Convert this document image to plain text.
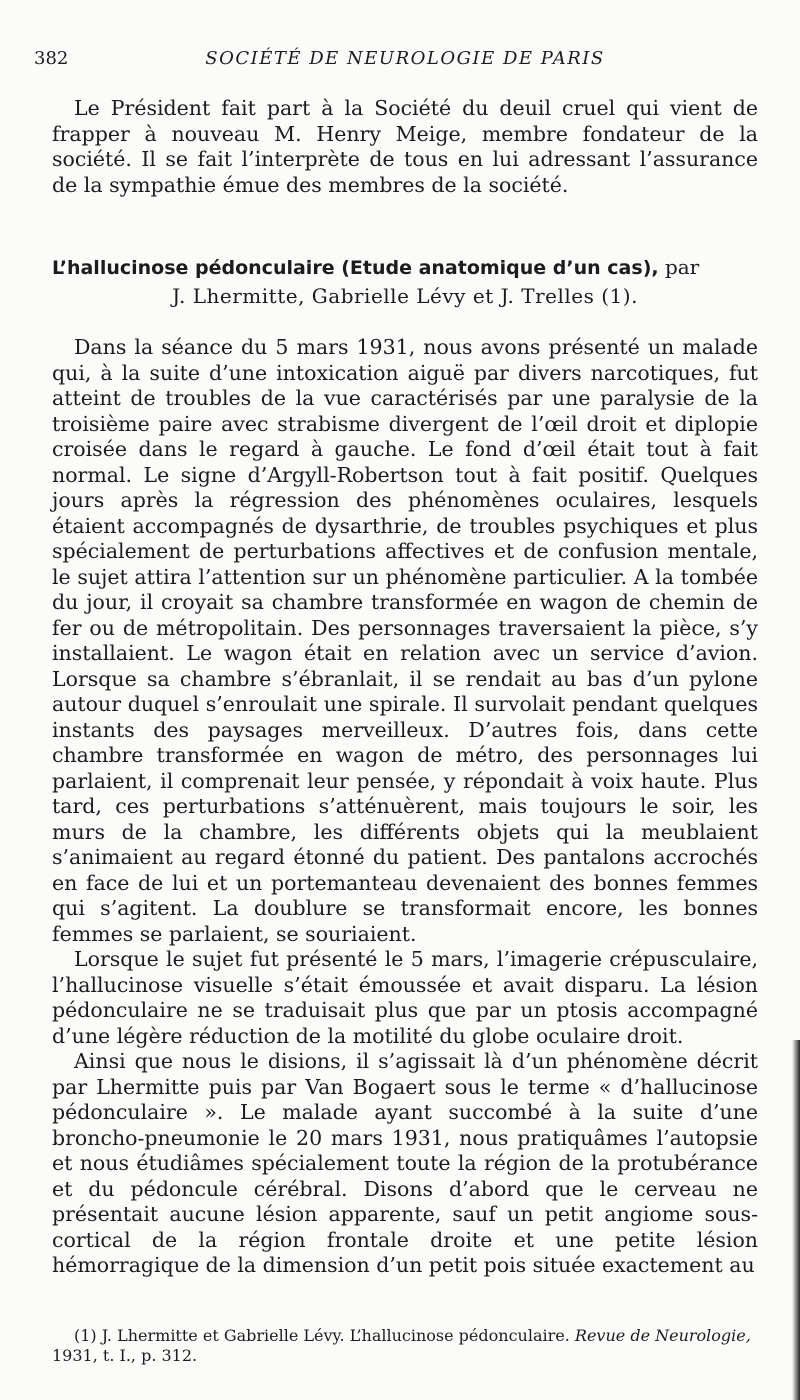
382	SOCIÉTÉ DE NEUROLOGIE DE PARIS

Le Président fait part à la Société du deuil cruel qui vient de frapper à nouveau M. Henry Meige, membre fondateur de la société. Il se fait l’interprète de tous en lui adressant l’assurance de la sympathie émue des membres de la société.

L’hallucinose pédonculaire (Etude anatomique d’un cas), par
J. Lhermitte, Gabrielle Lévy et J. Trelles (1).

Dans la séance du 5 mars 1931, nous avons présenté un malade qui, à la suite d’une intoxication aiguë par divers narcotiques, fut atteint de troubles de la vue caractérisés par une paralysie de la troisième paire avec strabisme divergent de l’œil droit et diplopie croisée dans le regard à gauche. Le fond d’œil était tout à fait normal. Le signe d’Argyll-Robertson tout à fait positif. Quelques jours après la régression des phénomènes oculaires, lesquels étaient accompagnés de dysarthrie, de troubles psychiques et plus spécialement de perturbations affectives et de confusion mentale, le sujet attira l’attention sur un phénomène particulier. A la tombée du jour, il croyait sa chambre transformée en wagon de chemin de fer ou de métropolitain. Des personnages traversaient la pièce, s’y installaient. Le wagon était en relation avec un service d’avion. Lorsque sa chambre s’ébranlait, il se rendait au bas d’un pylone autour duquel s’enroulait une spirale. Il survolait pendant quelques instants des paysages merveilleux. D’autres fois, dans cette chambre transformée en wagon de métro, des personnages lui parlaient, il comprenait leur pensée, y répondait à voix haute. Plus tard, ces perturbations s’atténuèrent, mais toujours le soir, les murs de la chambre, les différents objets qui la meublaient s’animaient au regard étonné du patient. Des pantalons accrochés en face de lui et un portemanteau devenaient des bonnes femmes qui s’agitent. La doublure se transformait encore, les bonnes femmes se parlaient, se souriaient.

Lorsque le sujet fut présenté le 5 mars, l’imagerie crépusculaire, l’hallucinose visuelle s’était émoussée et avait disparu. La lésion pédonculaire ne se traduisait plus que par un ptosis accompagné d’une légère réduction de la motilité du globe oculaire droit.

Ainsi que nous le disions, il s’agissait là d’un phénomène décrit par Lhermitte puis par Van Bogaert sous le terme « d’hallucinose pédonculaire ». Le malade ayant succombé à la suite d’une broncho-pneumonie le 20 mars 1931, nous pratiquâmes l’autopsie et nous étudiâmes spécialement toute la région de la protubérance et du pédoncule cérébral. Disons d’abord que le cerveau ne présentait aucune lésion apparente, sauf un petit angiome sous-cortical de la région frontale droite et une petite lésion hémorragique de la dimension d’un petit pois située exactement au

(1) J. Lhermitte et Gabrielle Lévy. L’hallucinose pédonculaire. Revue de Neurologie, 1931, t. I., p. 312.
